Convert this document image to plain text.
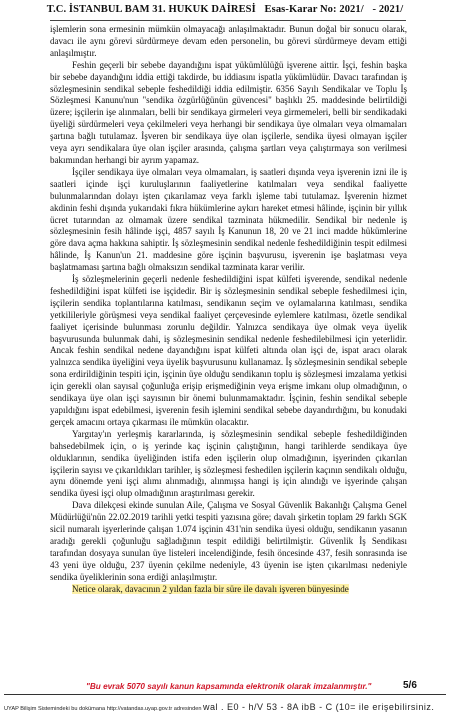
T.C. İSTANBUL BAM 31. HUKUK DAİRESİ Esas-Karar No: 2021/ - 2021/

işlemlerin sona ermesinin mümkün olmayacağı anlaşılmaktadır. Bunun doğal bir sonucu olarak, davacı ile aynı görevi sürdürmeye devam eden personelin, bu görevi sürdürmeye devam ettiği anlaşılmıştır.

Feshin geçerli bir sebebe dayandığını ispat yükümlülüğü işverene aittir. İşçi, feshin başka bir sebebe dayandığını iddia ettiği takdirde, bu iddiasını ispatla yükümlüdür. Davacı tarafından iş sözleşmesinin sendikal sebeple feshedildiği iddia edilmiştir. 6356 Sayılı Sendikalar ve Toplu İş Sözleşmesi Kanunu'nun "sendika özgürlüğünün güvencesi" başlıklı 25. maddesinde belirtildiği üzere; işçilerin işe alınmaları, belli bir sendikaya girmeleri veya girmemeleri, belli bir sendikadaki üyeliği sürdürmeleri veya çekilmeleri veya herhangi bir sendikaya üye olmaları veya olmamaları şartına bağlı tutulamaz. İşveren bir sendikaya üye olan işçilerle, sendika üyesi olmayan işçiler veya ayrı sendikalara üye olan işçiler arasında, çalışma şartları veya çalıştırmaya son verilmesi bakımından herhangi bir ayrım yapamaz.

İşçiler sendikaya üye olmaları veya olmamaları, iş saatleri dışında veya işverenin izni ile iş saatleri içinde işçi kuruluşlarının faaliyetlerine katılmaları veya sendikal faaliyette bulunmalarından dolayı işten çıkarılamaz veya farklı işleme tabi tutulamaz. İşverenin hizmet akdinin feshi dışında yukarıdaki fıkra hükümlerine aykırı hareket etmesi hâlinde, işçinin bir yıllık ücret tutarından az olmamak üzere sendikal tazminata hükmedilir. Sendikal bir nedenle iş sözleşmesinin fesih hâlinde işçi, 4857 sayılı İş Kanunun 18, 20 ve 21 inci madde hükümlerine göre dava açma hakkına sahiptir. İş sözleşmesinin sendikal nedenle feshedildiğinin tespit edilmesi hâlinde, İş Kanun'un 21. maddesine göre işçinin başvurusu, işverenin işe başlatması veya başlatmaması şartına bağlı olmaksızın sendikal tazminata karar verilir.

İş sözleşmelerinin geçerli nedenle feshedildiğini ispat külfeti işverende, sendikal nedenle feshedildiğini ispat külfeti ise işçidedir. Bir iş sözleşmesinin sendikal sebeple feshedilmesi için, işçilerin sendika toplantılarına katılması, sendikanın seçim ve oylamalarına katılması, sendika yetkilileriyle görüşmesi veya sendikal faaliyet çerçevesinde eylemlere katılması, özetle sendikal faaliyet içerisinde bulunması zorunlu değildir. Yalnızca sendikaya üye olmak veya üyelik başvurusunda bulunmak dahi, iş sözleşmesinin sendikal nedenle feshedilebilmesi için yeterlidir. Ancak feshin sendikal nedene dayandığını ispat külfeti altında olan işçi de, ispat aracı olarak yalnızca sendika üyeliğini veya üyelik başvurusunu kullanamaz. İş sözleşmesinin sendikal sebeple sona erdirildiğinin tespiti için, işçinin üye olduğu sendikanın toplu iş sözleşmesi imzalama yetkisi için gerekli olan sayısal çoğunluğa erişip erişmediğinin veya erişme imkanı olup olmadığının, o sendikaya üye olan işçi sayısının bir önemi bulunmamaktadır. İşçinin, feshin sendikal sebeple yapıldığını ispat edebilmesi, işverenin fesih işlemini sendikal sebebe dayandırdığını, bu konudaki gerçek amacını ortaya çıkarması ile mümkün olacaktır.

Yargıtay'ın yerleşmiş kararlarında, iş sözleşmesinin sendikal sebeple feshedildiğinden bahsedebilmek için, o iş yerinde kaç işçinin çalıştığının, hangi tarihlerde sendikaya üye olduklarının, sendika üyeliğinden istifa eden işçilerin olup olmadığının, işyerinden çıkarılan işçilerin sayısı ve çıkarıldıkları tarihler, iş sözleşmesi feshedilen işçilerin kaçının sendikalı olduğu, aynı dönemde yeni işçi alımı alınmadığı, alınmışsa hangi iş için alındığı ve işyerinde çalışan sendika üyesi işçi olup olmadığının araştırılması gerekir.

Dava dilekçesi ekinde sunulan Aile, Çalışma ve Sosyal Güvenlik Bakanlığı Çalışma Genel Müdürlüğü'nün 22.02.2019 tarihli yetki tespiti yazısına göre; davalı şirketin toplam 29 farklı SGK sicil numaralı işyerlerinde çalışan 1.074 işçinin 431'nin sendika üyesi olduğu, sendikanın yasanın aradığı gerekli çoğunluğu sağladığının tespit edildiği belirtilmiştir. Güvenlik İş Sendikası tarafından dosyaya sunulan üye listeleri incelendiğinde, fesih öncesinde 437, fesih sonrasında ise 43 yeni üye olduğu, 237 üyenin çekilme nedeniyle, 43 üyenin ise işten çıkarılması nedeniyle sendika üyeliklerinin sona erdiği anlaşılmıştır.

Netice olarak, davacının 2 yıldan fazla bir süre ile davalı işveren bünyesinde

"Bu evrak 5070 sayılı kanun kapsamında elektronik olarak imzalanmıştır."	5/6
UYAP Bilişim Sistemindeki bu dokümana http://vatandas.uyap.gov.tr adresinden wal . E0 - h/V 53 - 8A ibB - C (10= ile erişebilirsiniz.
